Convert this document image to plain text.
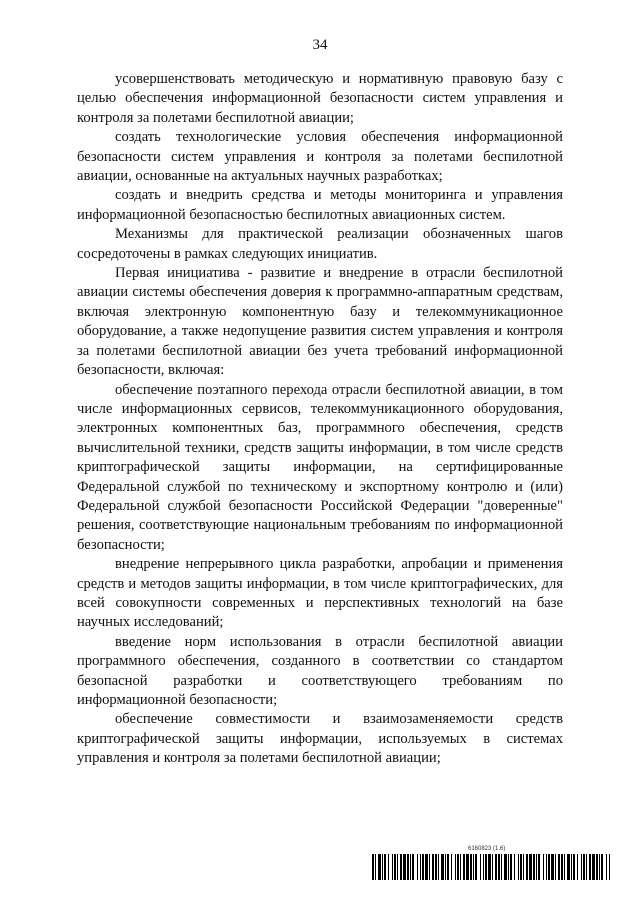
34

усовершенствовать методическую и нормативную правовую базу с целью обеспечения информационной безопасности систем управления и контроля за полетами беспилотной авиации;

создать технологические условия обеспечения информационной безопасности систем управления и контроля за полетами беспилотной авиации, основанные на актуальных научных разработках;

создать и внедрить средства и методы мониторинга и управления информационной безопасностью беспилотных авиационных систем.

Механизмы для практической реализации обозначенных шагов сосредоточены в рамках следующих инициатив.

Первая инициатива - развитие и внедрение в отрасли беспилотной авиации системы обеспечения доверия к программно-аппаратным средствам, включая электронную компонентную базу и телекоммуникационное оборудование, а также недопущение развития систем управления и контроля за полетами беспилотной авиации без учета требований информационной безопасности, включая:

обеспечение поэтапного перехода отрасли беспилотной авиации, в том числе информационных сервисов, телекоммуникационного оборудования, электронных компонентных баз, программного обеспечения, средств вычислительной техники, средств защиты информации, в том числе средств криптографической защиты информации, на сертифицированные Федеральной службой по техническому и экспортному контролю и (или) Федеральной службой безопасности Российской Федерации "доверенные" решения, соответствующие национальным требованиям по информационной безопасности;

внедрение непрерывного цикла разработки, апробации и применения средств и методов защиты информации, в том числе криптографических, для всей совокупности современных и перспективных технологий на базе научных исследований;

введение норм использования в отрасли беспилотной авиации программного обеспечения, созданного в соответствии со стандартом безопасной разработки и соответствующего требованиям по информационной безопасности;

обеспечение совместимости и взаимозаменяемости средств криптографической защиты информации, используемых в системах управления и контроля за полетами беспилотной авиации;

6160823 (1.6)
